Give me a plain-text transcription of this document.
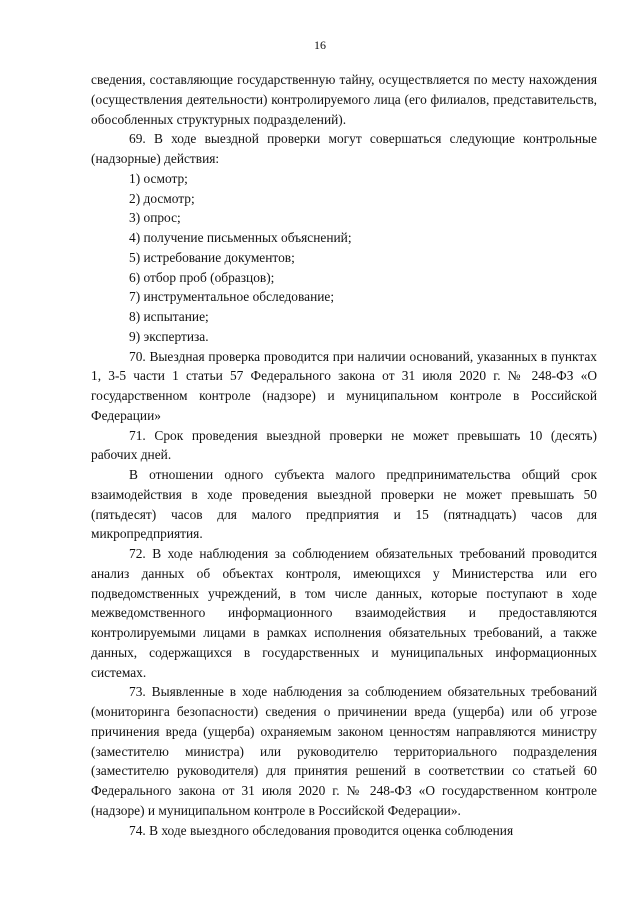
16

сведения, составляющие государственную тайну, осуществляется по месту нахождения (осуществления деятельности) контролируемого лица (его филиалов, представительств, обособленных структурных подразделений).

69. В ходе выездной проверки могут совершаться следующие контрольные (надзорные) действия:

1) осмотр;

2) досмотр;

3) опрос;

4) получение письменных объяснений;

5) истребование документов;

6) отбор проб (образцов);

7) инструментальное обследование;

8) испытание;

9) экспертиза.

70. Выездная проверка проводится при наличии оснований, указанных в пунктах 1, 3-5 части 1 статьи 57 Федерального закона от 31 июля 2020 г. № 248-ФЗ «О государственном контроле (надзоре) и муниципальном контроле в Российской Федерации»

71. Срок проведения выездной проверки не может превышать 10 (десять) рабочих дней.

В отношении одного субъекта малого предпринимательства общий срок взаимодействия в ходе проведения выездной проверки не может превышать 50 (пятьдесят) часов для малого предприятия и 15 (пятнадцать) часов для микропредприятия.

72. В ходе наблюдения за соблюдением обязательных требований проводится анализ данных об объектах контроля, имеющихся у Министерства или его подведомственных учреждений, в том числе данных, которые поступают в ходе межведомственного информационного взаимодействия и предоставляются контролируемыми лицами в рамках исполнения обязательных требований, а также данных, содержащихся в государственных и муниципальных информационных системах.

73. Выявленные в ходе наблюдения за соблюдением обязательных требований (мониторинга безопасности) сведения о причинении вреда (ущерба) или об угрозе причинения вреда (ущерба) охраняемым законом ценностям направляются министру (заместителю министра) или руководителю территориального подразделения (заместителю руководителя) для принятия решений в соответствии со статьей 60 Федерального закона от 31 июля 2020 г. № 248-ФЗ «О государственном контроле (надзоре) и муниципальном контроле в Российской Федерации».

74. В ходе выездного обследования проводится оценка соблюдения
